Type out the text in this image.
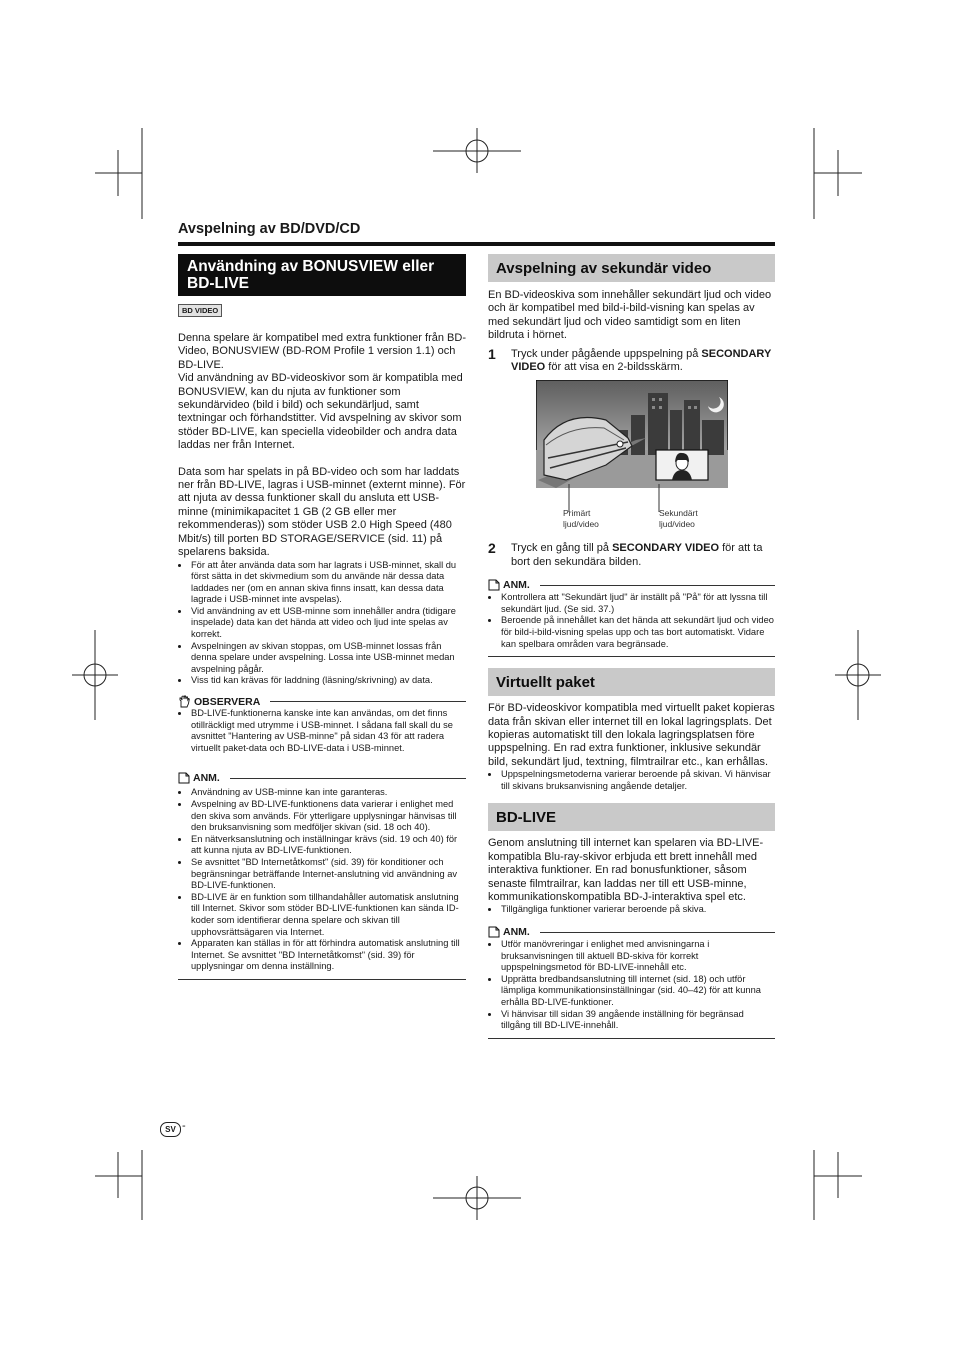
Avspelning av BD/DVD/CD
Användning av BONUSVIEW eller BD-LIVE
BD VIDEO

Denna spelare är kompatibel med extra funktioner från BD-Video, BONUSVIEW (BD-ROM Profile 1 version 1.1) och BD-LIVE.

Vid användning av BD-videoskivor som är kompatibla med BONUSVIEW, kan du njuta av funktioner som sekundärvideo (bild i bild) och sekundärljud, samt textningar och förhandstitter. Vid avspelning av skivor som stöder BD-LIVE, kan speciella videobilder och andra data laddas ner från Internet.

Data som har spelats in på BD-video och som har laddats ner från BD-LIVE, lagras i USB-minnet (externt minne). För att njuta av dessa funktioner skall du ansluta ett USB-minne (minimikapacitet 1 GB (2 GB eller mer rekommenderas)) som stöder USB 2.0 High Speed (480 Mbit/s) till porten BD STORAGE/SERVICE (sid. 11) på spelarens baksida.

• För att åter använda data som har lagrats i USB-minnet, skall du först sätta in det skivmedium som du använde när dessa data laddades ner (om en annan skiva finns insatt, kan dessa data lagrade i USB-minnet inte avspelas).
• Vid användning av ett USB-minne som innehåller andra (tidigare inspelade) data kan det hända att video och ljud inte spelas av korrekt.
• Avspelningen av skivan stoppas, om USB-minnet lossas från denna spelare under avspelning. Lossa inte USB-minnet medan avspelning pågår.
• Viss tid kan krävas för laddning (läsning/skrivning) av data.
OBSERVERA
• BD-LIVE-funktionerna kanske inte kan användas, om det finns otillräckligt med utrymme i USB-minnet. I sådana fall skall du se avsnittet "Hantering av USB-minne" på sidan 43 för att radera virtuellt paket-data och BD-LIVE-data i USB-minnet.
ANM.
• Användning av USB-minne kan inte garanteras.
• Avspelning av BD-LIVE-funktionens data varierar i enlighet med den skiva som används. För ytterligare upplysningar hänvisas till den bruksanvisning som medföljer skivan (sid. 18 och 40).
• En nätverksanslutning och inställningar krävs (sid. 19 och 40) för att kunna njuta av BD-LIVE-funktionen.
• Se avsnittet "BD Internetåtkomst" (sid. 39) för konditioner och begränsningar beträffande Internet-anslutning vid användning av BD-LIVE-funktionen.
• BD-LIVE är en funktion som tillhandahåller automatisk anslutning till Internet. Skivor som stöder BD-LIVE-funktionen kan sända ID-koder som identifierar denna spelare och skivan till upphovsrättsägaren via Internet.
• Apparaten kan ställas in för att förhindra automatisk anslutning till Internet. Se avsnittet "BD Internetåtkomst" (sid. 39) för upplysningar om denna inställning.
Avspelning av sekundär video

En BD-videoskiva som innehåller sekundärt ljud och video och är kompatibel med bild-i-bild-visning kan spelas av med sekundärt ljud och video samtidigt som en liten bildruta i hörnet.

1	Tryck under pågående uppspelning på SECONDARY VIDEO för att visa en 2-bildsskärm.
Primärt ljud/video
Sekundärt ljud/video
2	Tryck en gång till på SECONDARY VIDEO för att ta bort den sekundära bilden.
ANM.
• Kontrollera att "Sekundärt ljud" är inställt på "På" för att lyssna till sekundärt ljud. (Se sid. 37.)
• Beroende på innehållet kan det hända att sekundärt ljud och video för bild-i-bild-visning spelas upp och tas bort automatiskt. Vidare kan spelbara områden vara begränsade.
Virtuellt paket

För BD-videoskivor kompatibla med virtuellt paket kopieras data från skivan eller internet till en lokal lagringsplats. Det kopieras automatiskt till den lokala lagringsplatsen före uppspelning. En rad extra funktioner, inklusive sekundär bild, sekundärt ljud, textning, filmtrailrar etc., kan erhållas.

• Uppspelningsmetoderna varierar beroende på skivan. Vi hänvisar till skivans bruksanvisning angående detaljer.
BD-LIVE

Genom anslutning till internet kan spelaren via BD-LIVE-kompatibla Blu-ray-skivor erbjuda ett brett innehåll med interaktiva funktioner. En rad bonusfunktioner, såsom senaste filmtrailrar, kan laddas ner till ett USB-minne, kommunikationskompatibla BD-J-interaktiva spel etc.

• Tillgängliga funktioner varierar beroende på skiva.
ANM.
• Utför manövreringar i enlighet med anvisningarna i bruksanvisningen till aktuell BD-skiva för korrekt uppspelningsmetod för BD-LIVE-innehåll etc.
• Upprätta bredbandsanslutning till internet (sid. 18) och utför lämpliga kommunikationsinställningar (sid. 40–42) för att kunna erhålla BD-LIVE-funktioner.
• Vi hänvisar till sidan 39 angående inställning för begränsad tillgång till BD-LIVE-innehåll.
SV -
